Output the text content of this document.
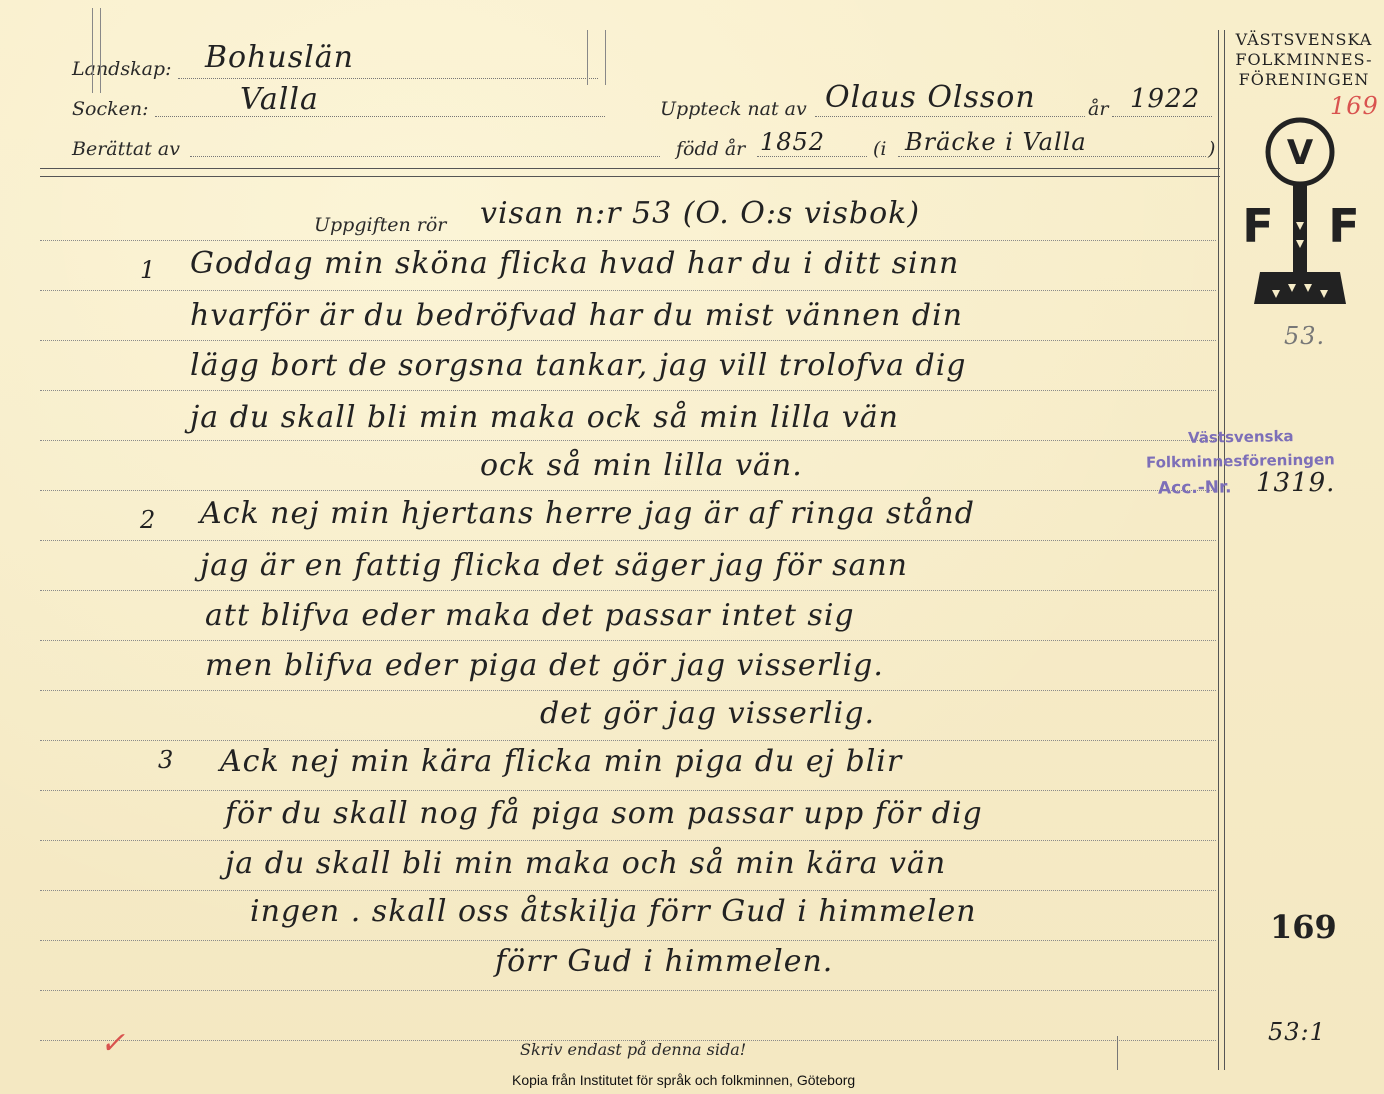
Landskap: Bohuslän
Socken:	Valla
Berättat av
Uppteck nat av Olaus Olsson	år 1922
född år 1852	(i Bräcke i Valla	)
VÄSTSVENSKA
FOLKMINNES-
FÖRENINGEN
169
V
F F
53.
Uppgiften rör visan n:r 53 (O. O:s visbok)
1 Goddag min sköna flicka hvad har du i ditt sinn
hvarför är du bedröfvad har du mist vännen din
lägg bort de sorgsna tankar, jag vill trolofva dig
ja du skall bli min maka ock så min lilla vän
ock så min lilla vän.
2 Ack nej min hjertans herre jag är af ringa stånd
jag är en fattig flicka det säger jag för sann
att blifva eder maka det passar intet sig
men blifva eder piga det gör jag visserlig.
det gör jag visserlig.
3 Ack nej min kära flicka min piga du ej blir
för du skall nog få piga som passar upp för dig
ja du skall bli min maka och så min kära vän
ingen . skall oss åtskilja förr Gud i himmelen
förr Gud i himmelen.
Västsvenska
Folkminnesföreningen
Acc.-Nr. 1319.
169
53:1
✓	Skriv endast på denna sida!
Kopia från Institutet för språk och folkminnen, Göteborg
